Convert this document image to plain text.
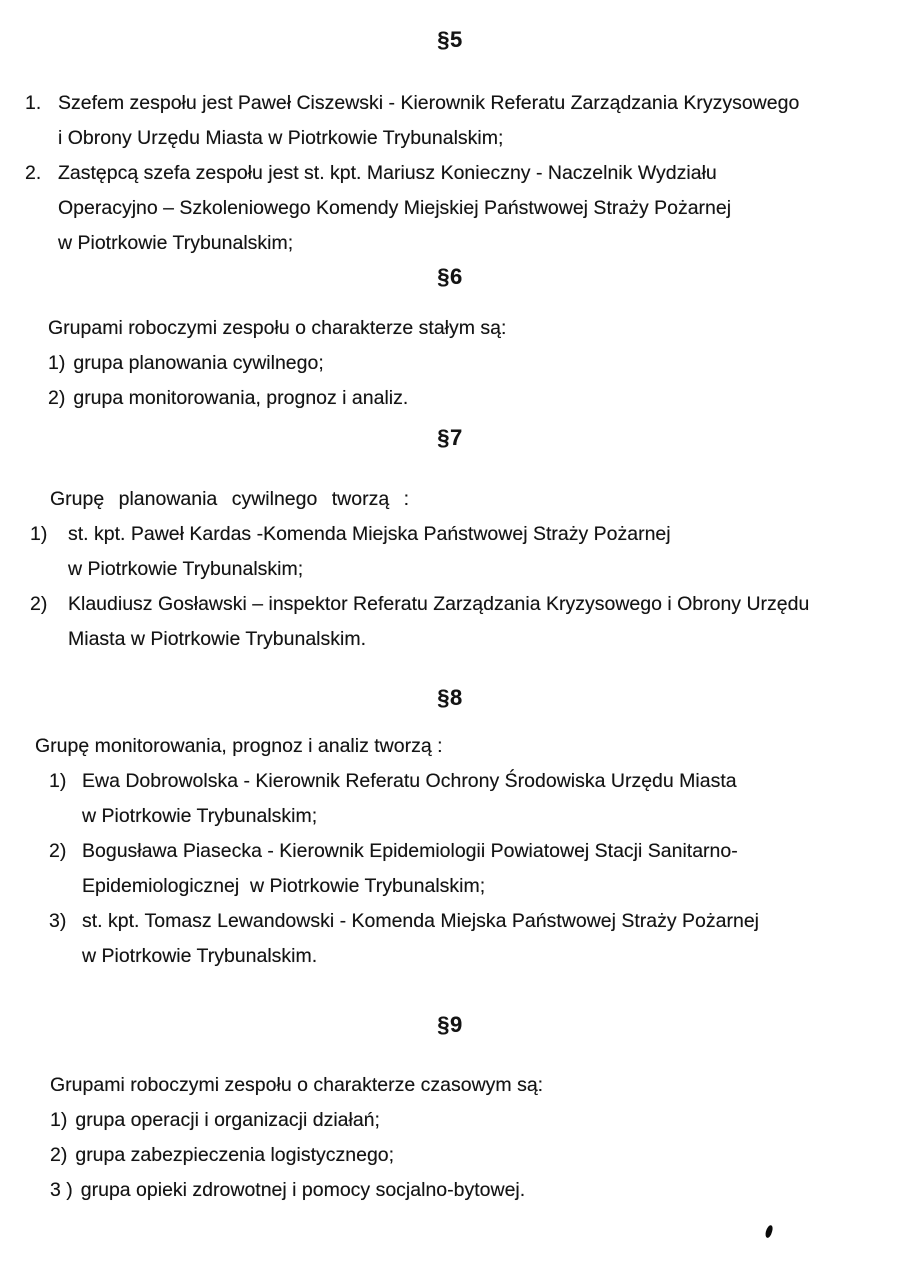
§5
1. Szefem zespołu jest Paweł Ciszewski - Kierownik Referatu Zarządzania Kryzysowego
i Obrony Urzędu Miasta w Piotrkowie Trybunalskim;
2. Zastępcą szefa zespołu jest st. kpt. Mariusz Konieczny - Naczelnik Wydziału
Operacyjno – Szkoleniowego Komendy Miejskiej Państwowej Straży Pożarnej
w Piotrkowie Trybunalskim;
§6
Grupami roboczymi zespołu o charakterze stałym są:
1) grupa planowania cywilnego;
2) grupa monitorowania, prognoz i analiz.
§7
Grupę planowania cywilnego tworzą :
1)	st. kpt. Paweł Kardas -Komenda Miejska Państwowej Straży Pożarnej
w Piotrkowie Trybunalskim;
2)	Klaudiusz Gosławski – inspektor Referatu Zarządzania Kryzysowego i Obrony Urzędu
Miasta w Piotrkowie Trybunalskim.
§8
Grupę monitorowania, prognoz i analiz tworzą :
1) Ewa Dobrowolska - Kierownik Referatu Ochrony Środowiska Urzędu Miasta
w Piotrkowie Trybunalskim;
2) Bogusława Piasecka - Kierownik Epidemiologii Powiatowej Stacji Sanitarno-
Epidemiologicznej  w Piotrkowie Trybunalskim;
3) st. kpt. Tomasz Lewandowski - Komenda Miejska Państwowej Straży Pożarnej
w Piotrkowie Trybunalskim.
§9
Grupami roboczymi zespołu o charakterze czasowym są:
1) grupa operacji i organizacji działań;
2) grupa zabezpieczenia logistycznego;
3 ) grupa opieki zdrowotnej i pomocy socjalno-bytowej.
